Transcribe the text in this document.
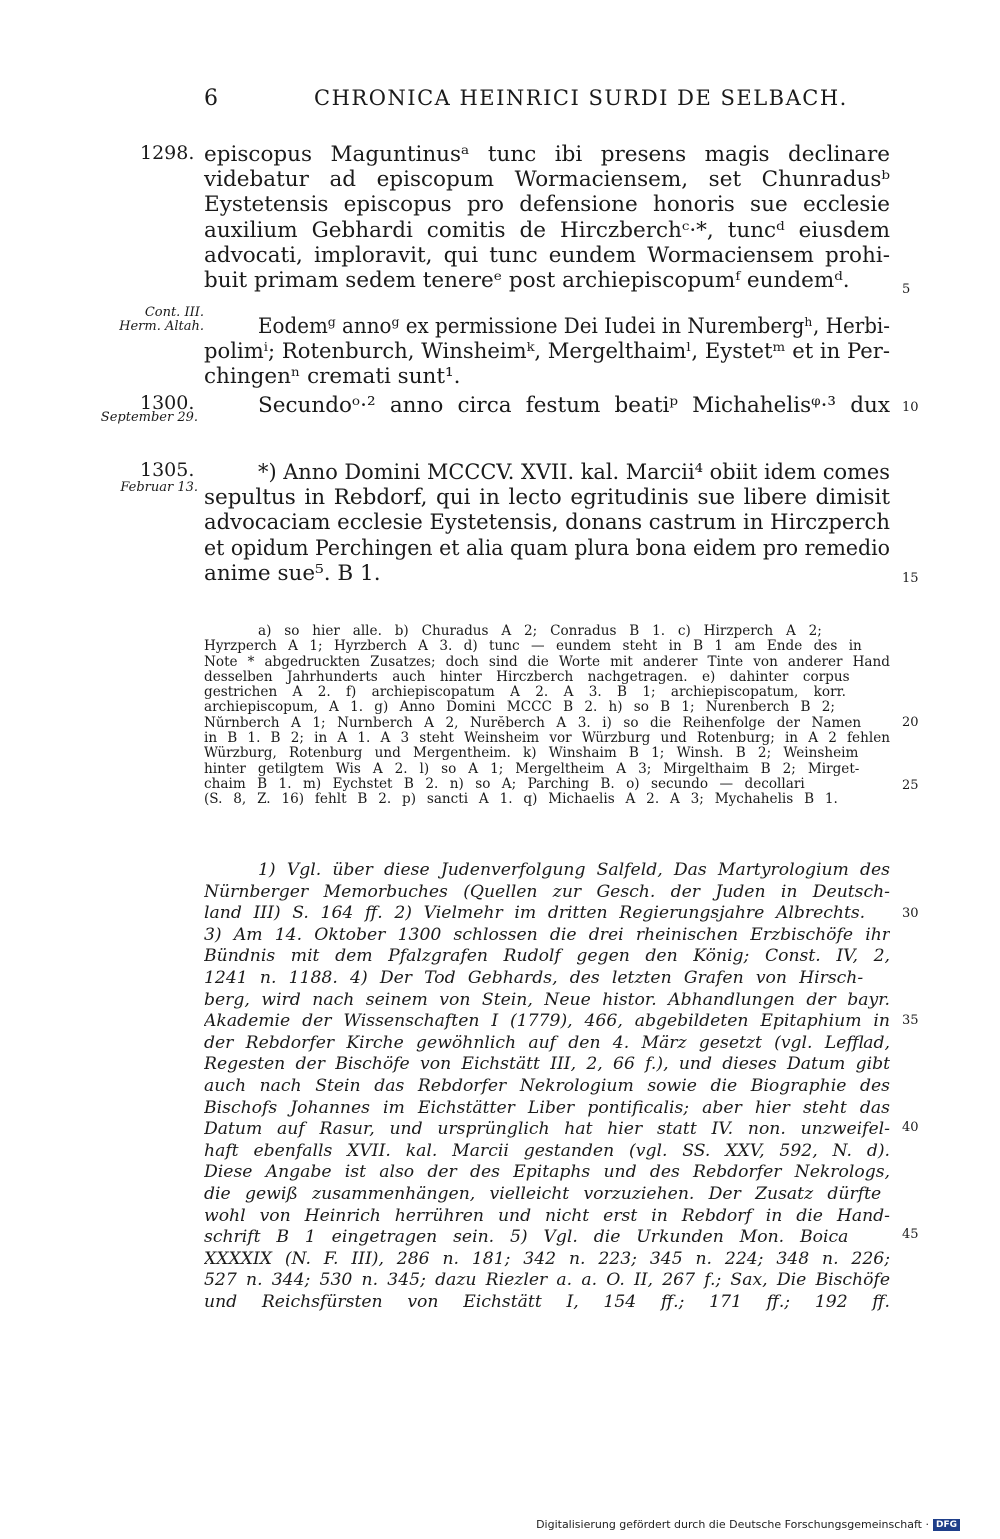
6	CHRONICA HEINRICI SURDI DE SELBACH.
1298.
Cont. III.
Herm. Altah.
1300.
September 29.
1305.
Februar 13.
5
10
15
20
25
30
35
40
45
episcopus Maguntinusᵃ tunc ibi presens magis declinare
videbatur ad episcopum Wormaciensem, set Chunradusᵇ
Eystetensis episcopus pro defensione honoris sue ecclesie
auxilium Gebhardi comitis de Hirczberchᶜ·*, tuncᵈ eiusdem
advocati, imploravit, qui tunc eundem Wormaciensem prohi-
buit primam sedem tenereᵉ post archiepiscopumᶠ eundemᵈ.
Eodemᵍ annoᵍ ex permissione Dei Iudei in Nurembergʰ, Herbi-
polimⁱ; Rotenburch, Winsheimᵏ, Mergelthaimˡ, Eystetᵐ et in Per-
chingenⁿ cremati sunt¹.
Secundoᵒ·² anno circa festum beatiᵖ Michahelisᵠ·³ dux
*) Anno Domini MCCCV. XVII. kal. Marcii⁴ obiit idem comes
sepultus in Rebdorf, qui in lecto egritudinis sue libere dimisit
advocaciam ecclesie Eystetensis, donans castrum in Hirczperch
et opidum Perchingen et alia quam plura bona eidem pro remedio
anime sue⁵. B 1.
a) so hier alle. b) Churadus A 2; Conradus B 1. c) Hirzperch A 2;
Hyrzperch A 1; Hyrzberch A 3. d) tunc — eundem steht in B 1 am Ende des in
Note * abgedruckten Zusatzes; doch sind die Worte mit anderer Tinte von anderer Hand
desselben Jahrhunderts auch hinter Hirczberch nachgetragen. e) dahinter corpus
gestrichen A 2. f) archiepiscopatum A 2. A 3. B 1; archiepiscopatum, korr.
archiepiscopum, A 1. g) Anno Domini MCCC B 2. h) so B 1; Nurenberch B 2;
Nůrnberch A 1; Nurnberch A 2, Nurĕberch A 3. i) so die Reihenfolge der Namen
in B 1. B 2; in A 1. A 3 steht Weinsheim vor Würzburg und Rotenburg; in A 2 fehlen
Würzburg, Rotenburg und Mergentheim. k) Winshaim B 1; Winsh. B 2; Weinsheim
hinter getilgtem Wis A 2. l) so A 1; Mergeltheim A 3; Mirgelthaim B 2; Mirget-
chaim B 1. m) Eychstet B 2. n) so A; Parching B. o) secundo — decollari
(S. 8, Z. 16) fehlt B 2. p) sancti A 1. q) Michaelis A 2. A 3; Mychahelis B 1.
1) Vgl. über diese Judenverfolgung Salfeld, Das Martyrologium des
Nürnberger Memorbuches (Quellen zur Gesch. der Juden in Deutsch-
land III) S. 164 ff. 2) Vielmehr im dritten Regierungsjahre Albrechts.
3) Am 14. Oktober 1300 schlossen die drei rheinischen Erzbischöfe ihr
Bündnis mit dem Pfalzgrafen Rudolf gegen den König; Const. IV, 2,
1241 n. 1188. 4) Der Tod Gebhards, des letzten Grafen von Hirsch-
berg, wird nach seinem von Stein, Neue histor. Abhandlungen der bayr.
Akademie der Wissenschaften I (1779), 466, abgebildeten Epitaphium in
der Rebdorfer Kirche gewöhnlich auf den 4. März gesetzt (vgl. Lefflad,
Regesten der Bischöfe von Eichstätt III, 2, 66 f.), und dieses Datum gibt
auch nach Stein das Rebdorfer Nekrologium sowie die Biographie des
Bischofs Johannes im Eichstätter Liber pontificalis; aber hier steht das
Datum auf Rasur, und ursprünglich hat hier statt IV. non. unzweifel-
haft ebenfalls XVII. kal. Marcii gestanden (vgl. SS. XXV, 592, N. d).
Diese Angabe ist also der des Epitaphs und des Rebdorfer Nekrologs,
die gewiß zusammenhängen, vielleicht vorzuziehen. Der Zusatz dürfte
wohl von Heinrich herrühren und nicht erst in Rebdorf in die Hand-
schrift B 1 eingetragen sein. 5) Vgl. die Urkunden Mon. Boica
XXXXIX (N. F. III), 286 n. 181; 342 n. 223; 345 n. 224; 348 n. 226;
527 n. 344; 530 n. 345; dazu Riezler a. a. O. II, 267 f.; Sax, Die Bischöfe
und Reichsfürsten von Eichstätt I, 154 ff.; 171 ff.; 192 ff.
Digitalisierung gefördert durch die Deutsche Forschungsgemeinschaft · DFG
